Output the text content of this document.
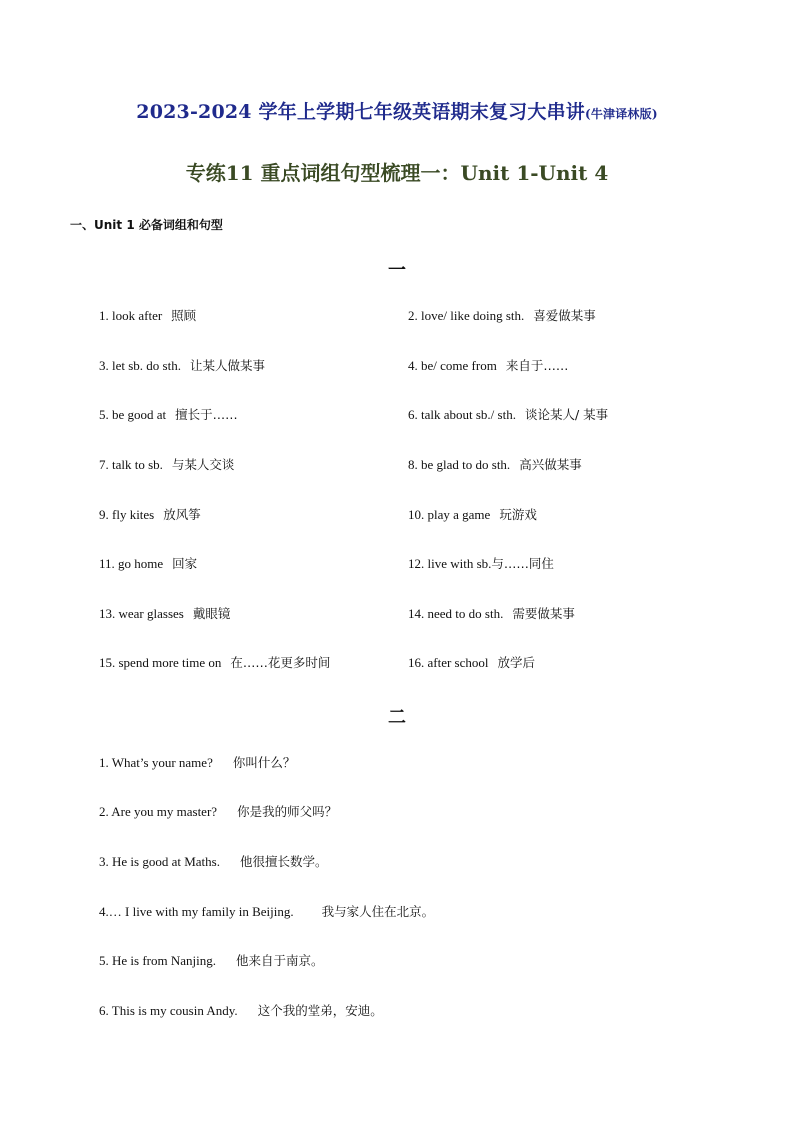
2023-2024 学年上学期七年级英语期末复习大串讲(牛津译林版)
专练11 重点词组句型梳理一：Unit 1-Unit 4
一、Unit 1 必备词组和句型
一
1. look after 照顾	2. love/ like doing sth. 喜爱做某事
3. let sb. do sth. 让某人做某事	4. be/ come from 来自于……
5. be good at 擅长于……	6. talk about sb./ sth. 谈论某人/ 某事
7. talk to sb. 与某人交谈	8. be glad to do sth. 高兴做某事
9. fly kites 放风筝	10. play a game 玩游戏
11. go home 回家	12. live with sb.与……同住
13. wear glasses 戴眼镜	14. need to do sth. 需要做某事
15. spend more time on 在……花更多时间	16. after school 放学后
二
1. What’s your name? 你叫什么？
2. Are you my master? 你是我的师父吗？
3. He is good at Maths. 他很擅长数学。
4.… I live with my family in Beijing. 我与家人住在北京。
5. He is from Nanjing. 他来自于南京。
6. This is my cousin Andy. 这个我的堂弟，安迪。
